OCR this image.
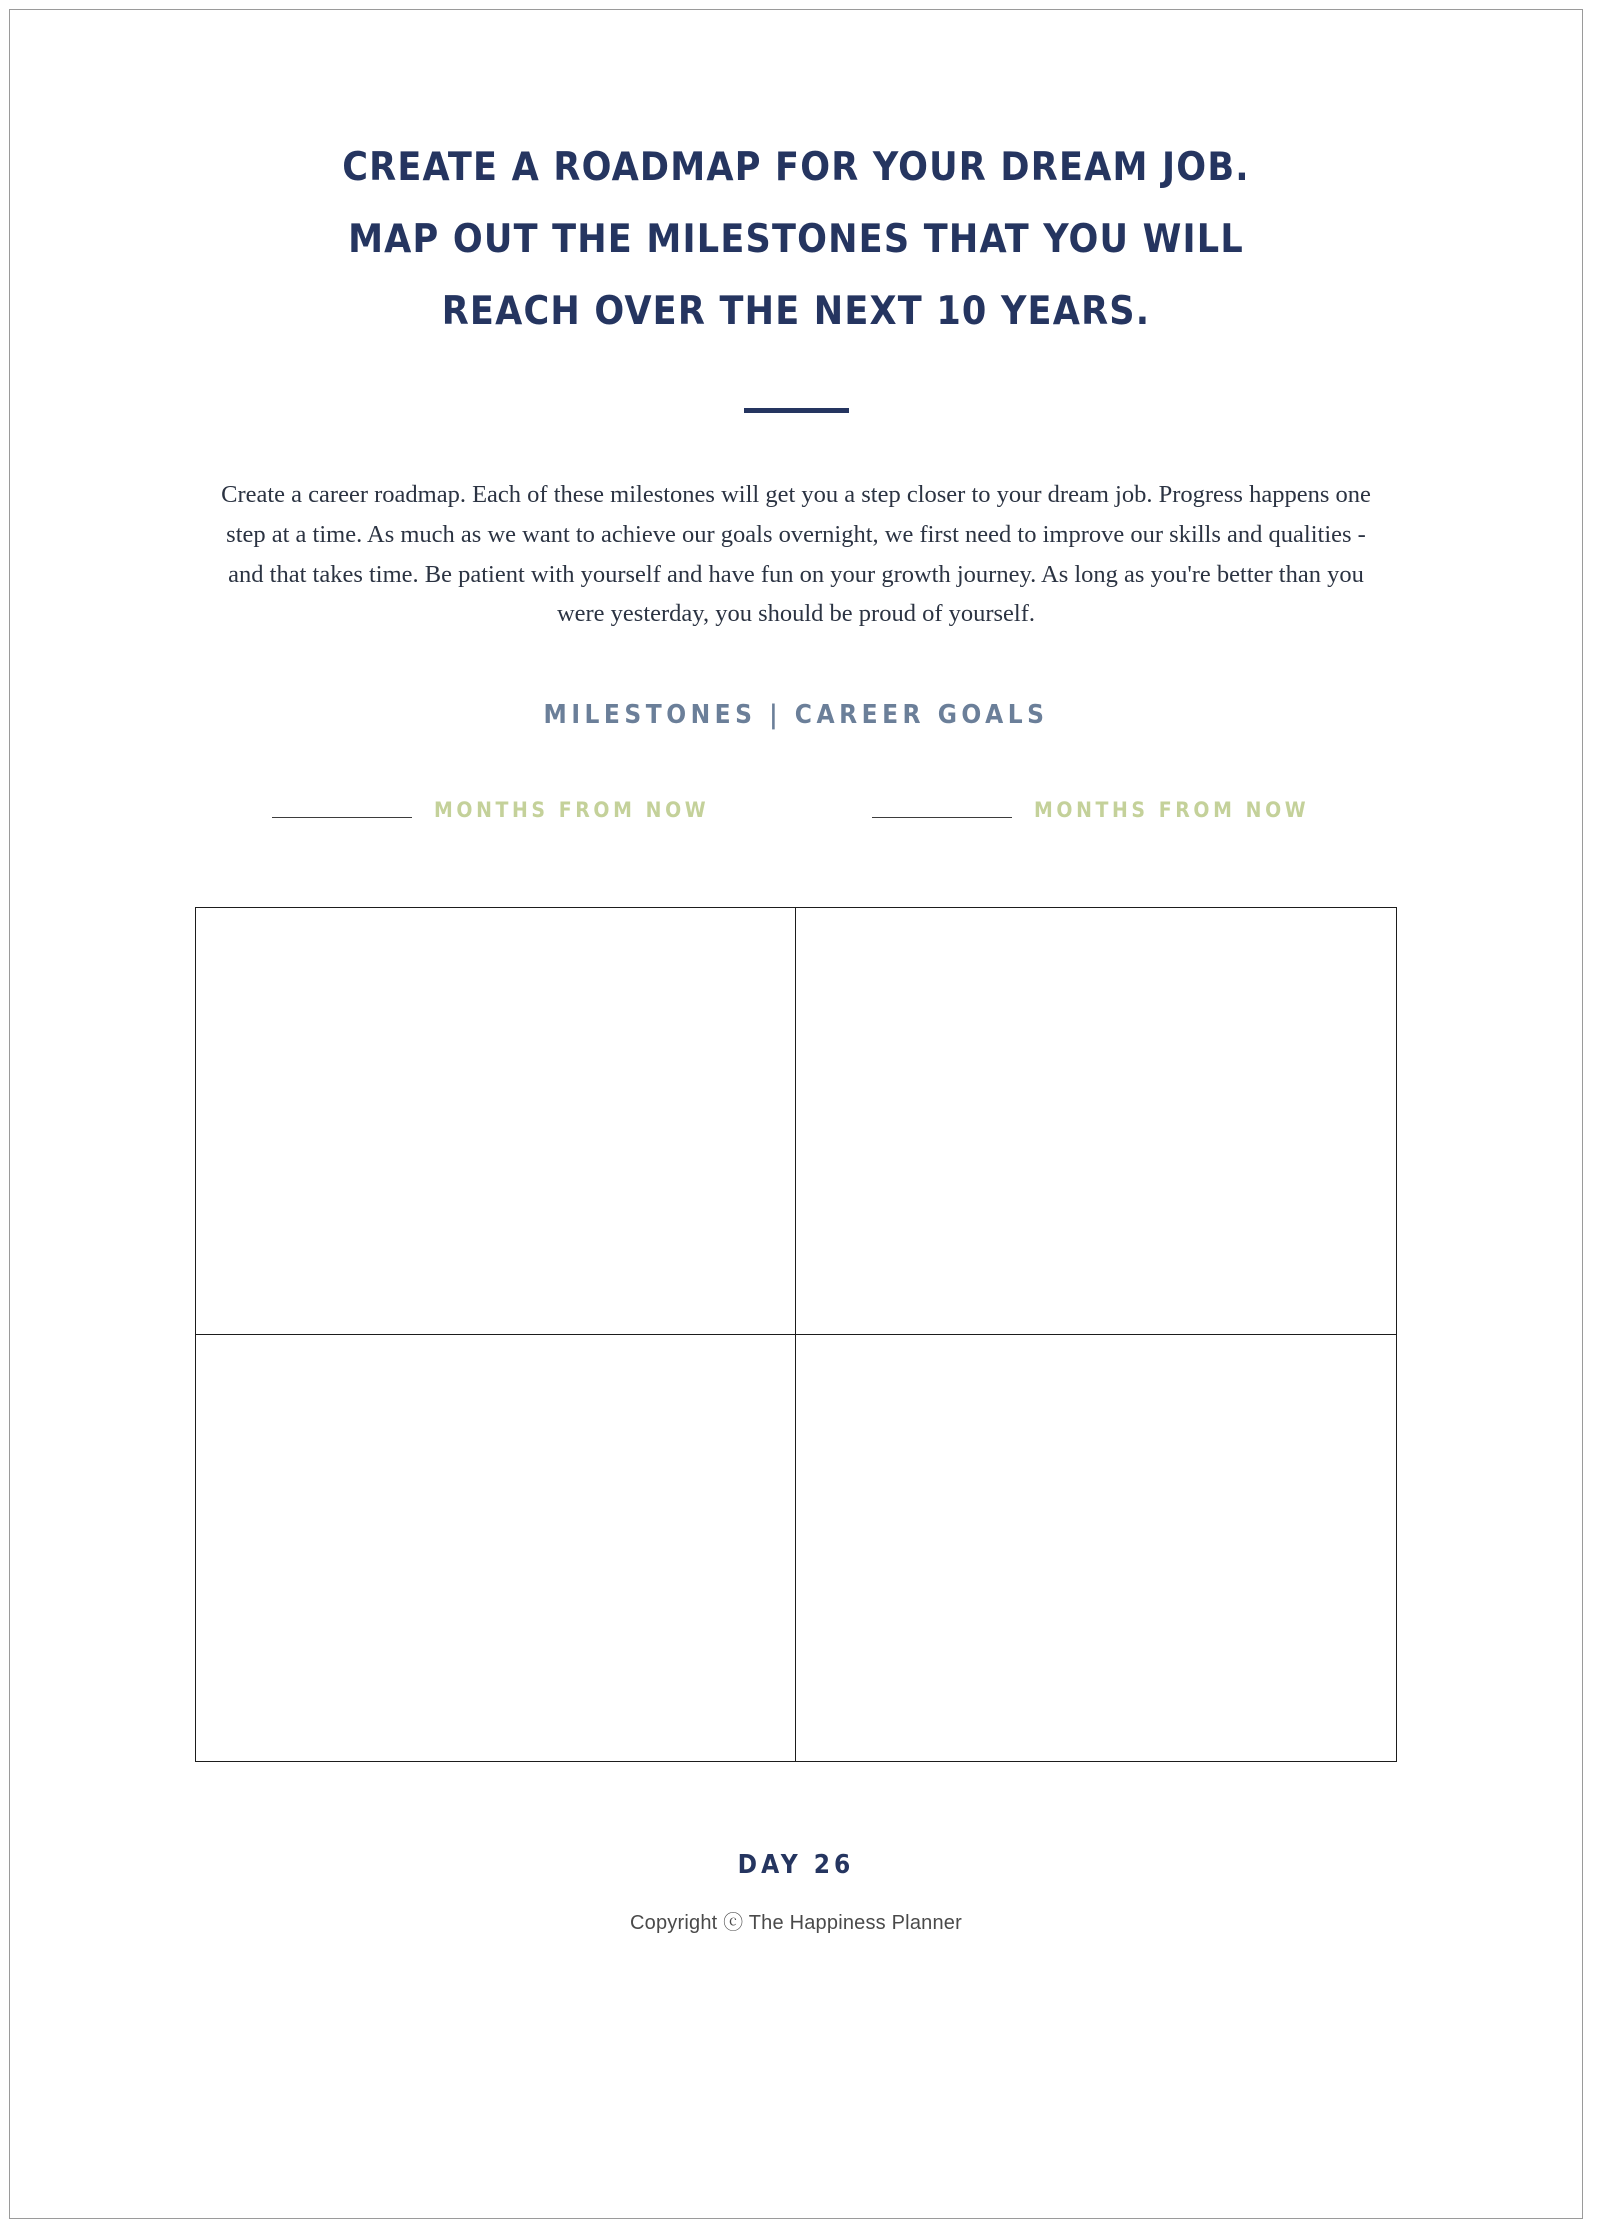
CREATE A ROADMAP FOR YOUR DREAM JOB.
MAP OUT THE MILESTONES THAT YOU WILL
REACH OVER THE NEXT 10 YEARS.

Create a career roadmap. Each of these milestones will get you a step closer to your dream job. Progress happens one step at a time. As much as we want to achieve our goals overnight, we first need to improve our skills and qualities - and that takes time. Be patient with yourself and have fun on your growth journey. As long as you're better than you were yesterday, you should be proud of yourself.

MILESTONES | CAREER GOALS
MONTHS FROM NOW	MONTHS FROM NOW
DAY 26
Copyright ⓒ The Happiness Planner
